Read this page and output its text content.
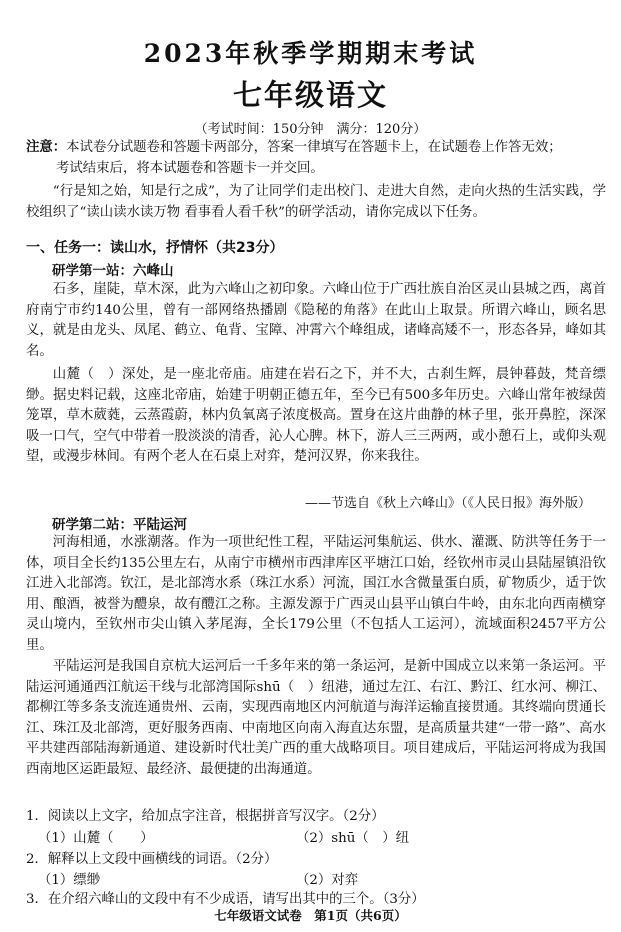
2023年秋季学期期末考试
七年级语文
（考试时间：150分钟　满分：120分）
注意：本试卷分试题卷和答题卡两部分，答案一律填写在答题卡上，在试题卷上作答无效；
考试结束后，将本试题卷和答题卡一并交回。
“行是知之始，知是行之成”，为了让同学们走出校门、走进大自然，走向火热的生活实践，学校组织了“读山读水读万物 看事看人看千秋”的研学活动，请你完成以下任务。
一、任务一：读山水，抒情怀（共23分）
研学第一站：六峰山
石多，崖陡，草木深，此为六峰山之初印象。六峰山位于广西壮族自治区灵山县城之西，离首府南宁市约140公里，曾有一部网络热播剧《隐秘的角落》在此山上取景。所谓六峰山，顾名思义，就是由龙头、凤尾、鹤立、龟背、宝障、冲霄六个峰组成，诸峰高矮不一，形态各异，峰如其名。
山麓（　）深处，是一座北帝庙。庙建在岩石之下，并不大，古刹生辉，晨钟暮鼓，梵音缥缈。据史料记载，这座北帝庙，始建于明朝正德五年，至今已有500多年历史。六峰山常年被绿茵笼罩，草木葳蕤，云蒸霞蔚，林内负氧离子浓度极高。置身在这片曲静的林子里，张开鼻腔，深深吸一口气，空气中带着一股淡淡的清香，沁人心脾。林下，游人三三两两，或小憩石上，或仰头观望，或漫步林间。有两个老人在石桌上对弈，楚河汉界，你来我往。
——节选自《秋上六峰山》（《人民日报》海外版）
研学第二站：平陆运河
河海相通，水涨潮落。作为一项世纪性工程，平陆运河集航运、供水、灌溉、防洪等任务于一体，项目全长约135公里左右，从南宁市横州市西津库区平塘江口始，经钦州市灵山县陆屋镇沿钦江进入北部湾。钦江，是北部湾水系（珠江水系）河流，国江水含微量蛋白质，矿物质少，适于饮用、酿酒，被誉为醴泉，故有醴江之称。主源发源于广西灵山县平山镇白牛岭，由东北向西南横穿灵山境内，至钦州市尖山镇入茅尾海，全长179公里（不包括人工运河），流域面积2457平方公里。
平陆运河是我国自京杭大运河后一千多年来的第一条运河，是新中国成立以来第一条运河。平陆运河通通西江航运干线与北部湾国际shū（　）纽港，通过左江、右江、黔江、红水河、柳江、都柳江等多条支流连通贵州、云南，实现西南地区内河航道与海洋运输直接贯通。其终端向贯通长江、珠江及北部湾，更好服务西南、中南地区向南入海直达东盟，是高质量共建“一带一路”、高水平共建西部陆海新通道、建设新时代壮美广西的重大战略项目。项目建成后，平陆运河将成为我国西南地区运距最短、最经济、最便捷的出海通道。
1．阅读以上文字，给加点字注音，根据拼音写汉字。（2分）
（1）山麓（　　）	（2）shū（　）纽
2．解释以上文段中画横线的词语。（2分）
（1）缥缈	（2）对弈
3．在介绍六峰山的文段中有不少成语，请写出其中的三个。（3分）
七年级语文试卷　第1页（共6页）
